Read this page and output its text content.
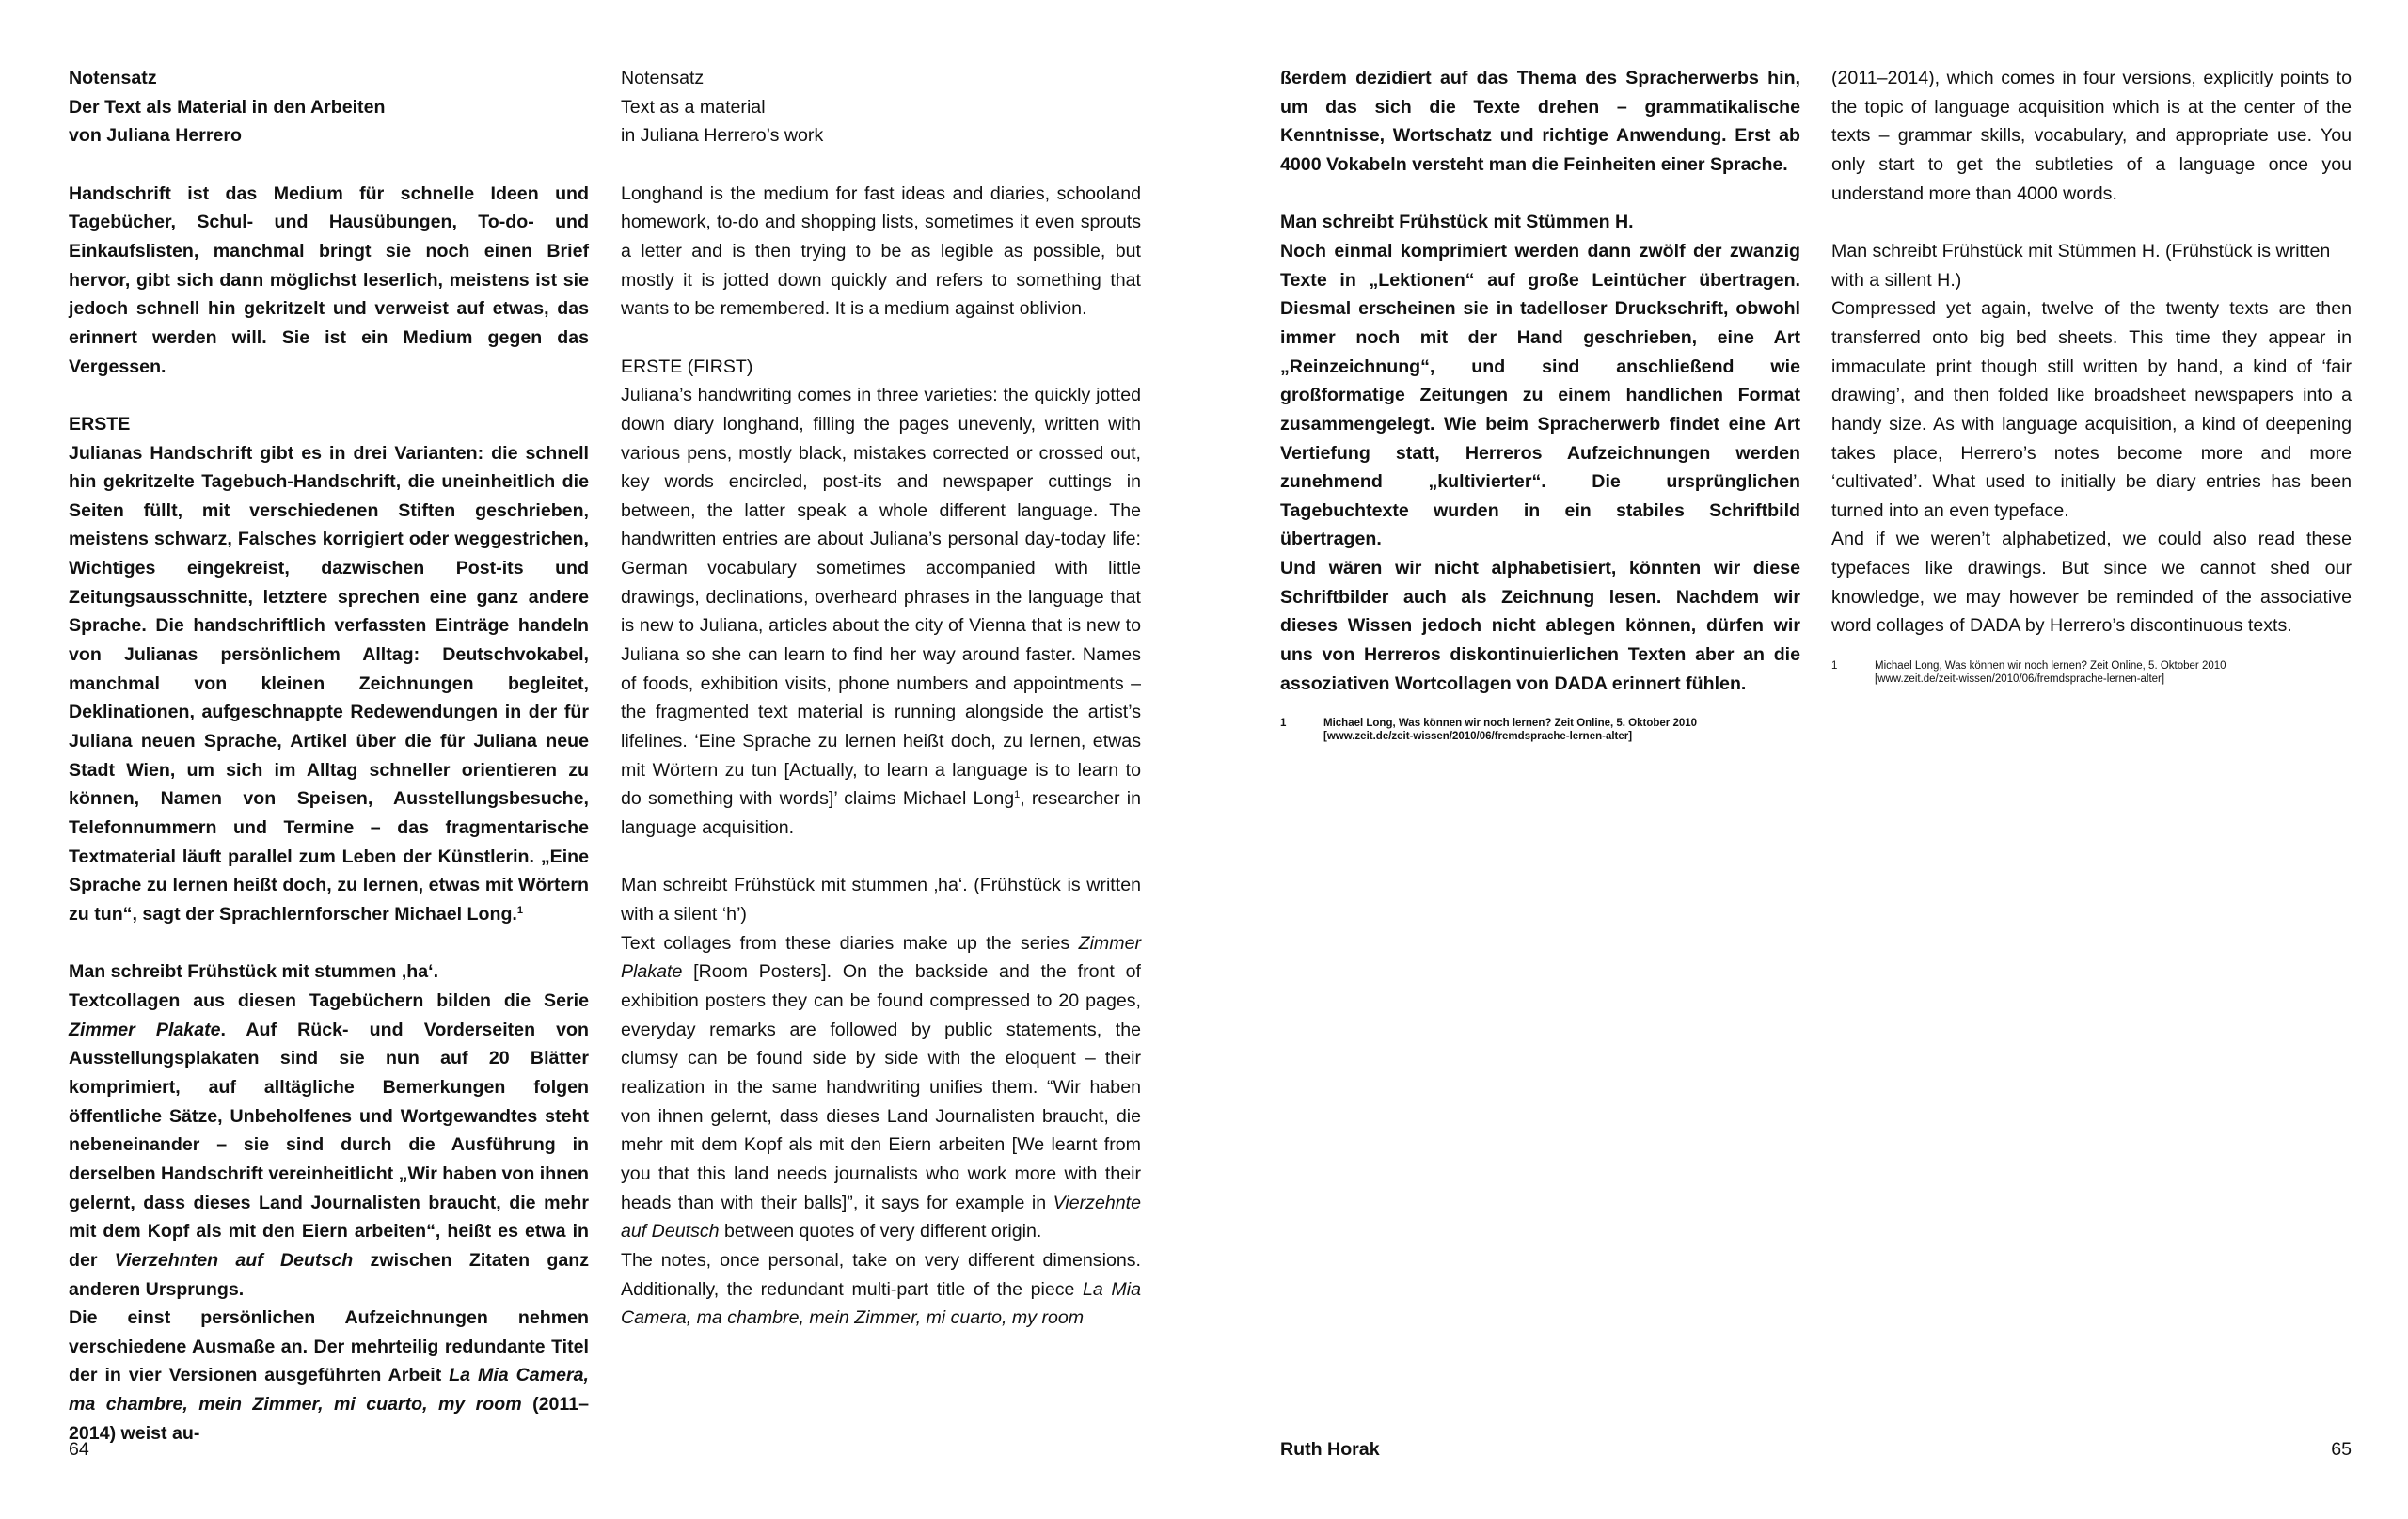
Notensatz

Der Text als Material in den Arbeiten

von Juliana Herrero

Handschrift ist das Medium für schnelle Ideen und Tagebücher, Schul- und Hausübungen, To-do- und Einkaufslisten, manchmal bringt sie noch einen Brief hervor, gibt sich dann möglichst leserlich, meistens ist sie jedoch schnell hin gekritzelt und verweist auf etwas, das erinnert werden will. Sie ist ein Medium gegen das Vergessen.

ERSTE

Julianas Handschrift gibt es in drei Varianten: die schnell hin gekritzelte Tagebuch-Handschrift, die uneinheitlich die Seiten füllt, mit verschiedenen Stiften geschrieben, meistens schwarz, Falsches korrigiert oder weggestrichen, Wichtiges eingekreist, dazwischen Post-its und Zeitungsausschnitte, letztere sprechen eine ganz andere Sprache. Die handschriftlich verfassten Einträge handeln von Julianas persönlichem Alltag: Deutschvokabel, manchmal von kleinen Zeichnungen begleitet, Deklinationen, aufgeschnappte Redewendungen in der für Juliana neuen Sprache, Artikel über die für Juliana neue Stadt Wien, um sich im Alltag schneller orientieren zu können, Namen von Speisen, Ausstellungsbesuche, Telefonnummern und Termine – das fragmentarische Textmaterial läuft parallel zum Leben der Künstlerin. „Eine Sprache zu lernen heißt doch, zu lernen, etwas mit Wörtern zu tun“, sagt der Sprachlernforscher Michael Long.$^1$

Man schreibt Frühstück mit stummen ‚ha‘.

Textcollagen aus diesen Tagebüchern bilden die Serie Zimmer Plakate. Auf Rück- und Vorderseiten von Ausstellungsplakaten sind sie nun auf 20 Blätter komprimiert, auf alltägliche Bemerkungen folgen öffentliche Sätze, Unbeholfenes und Wortgewandtes steht nebeneinander – sie sind durch die Ausführung in derselben Handschrift vereinheitlicht „Wir haben von ihnen gelernt, dass dieses Land Journalisten braucht, die mehr mit dem Kopf als mit den Eiern arbeiten“, heißt es etwa in der Vierzehnten auf Deutsch zwischen Zitaten ganz anderen Ursprungs.

Die einst persönlichen Aufzeichnungen nehmen verschiedene Ausmaße an. Der mehrteilig redundante Titel der in vier Versionen ausgeführten Arbeit La Mia Camera, ma chambre, mein Zimmer, mi cuarto, my room (2011–2014) weist au-

Notensatz

Text as a material

in Juliana Herrero’s work

Longhand is the medium for fast ideas and diaries, schooland homework, to-do and shopping lists, sometimes it even sprouts a letter and is then trying to be as legible as possible, but mostly it is jotted down quickly and refers to something that wants to be remembered. It is a medium against oblivion.

ERSTE (FIRST)

Juliana’s handwriting comes in three varieties: the quickly jotted down diary longhand, filling the pages unevenly, written with various pens, mostly black, mistakes corrected or crossed out, key words encircled, post-its and newspaper cuttings in between, the latter speak a whole different language. The handwritten entries are about Juliana’s personal day-today life: German vocabulary sometimes accompanied with little drawings, declinations, overheard phrases in the language that is new to Juliana, articles about the city of Vienna that is new to Juliana so she can learn to find her way around faster. Names of foods, exhibition visits, phone numbers and appointments – the fragmented text material is running alongside the artist’s lifelines. ‘Eine Sprache zu lernen heißt doch, zu lernen, etwas mit Wörtern zu tun [Actually, to learn a language is to learn to do something with words]’ claims Michael Long$^1$, researcher in language acquisition.

Man schreibt Frühstück mit stummen ‚ha‘. (Frühstück is written with a silent ‘h’)

Text collages from these diaries make up the series Zimmer Plakate [Room Posters]. On the backside and the front of exhibition posters they can be found compressed to 20 pages, everyday remarks are followed by public statements, the clumsy can be found side by side with the eloquent – their realization in the same handwriting unifies them. “Wir haben von ihnen gelernt, dass dieses Land Journalisten braucht, die mehr mit dem Kopf als mit den Eiern arbeiten [We learnt from you that this land needs journalists who work more with their heads than with their balls]”, it says for example in Vierzehnte auf Deutsch between quotes of very different origin.

The notes, once personal, take on very different dimensions. Additionally, the redundant multi-part title of the piece La Mia Camera, ma chambre, mein Zimmer, mi cuarto, my room

ßerdem dezidiert auf das Thema des Spracherwerbs hin, um das sich die Texte drehen – grammatikalische Kenntnisse, Wortschatz und richtige Anwendung. Erst ab 4000 Vokabeln versteht man die Feinheiten einer Sprache.

Man schreibt Frühstück mit Stümmen H.

Noch einmal komprimiert werden dann zwölf der zwanzig Texte in „Lektionen“ auf große Leintücher übertragen. Diesmal erscheinen sie in tadelloser Druckschrift, obwohl immer noch mit der Hand geschrieben, eine Art „Reinzeichnung“, und sind anschließend wie großformatige Zeitungen zu einem handlichen Format zusammengelegt. Wie beim Spracherwerb findet eine Art Vertiefung statt, Herreros Aufzeichnungen werden zunehmend „kultivierter“. Die ursprünglichen Tagebuchtexte wurden in ein stabiles Schriftbild übertragen.

Und wären wir nicht alphabetisiert, könnten wir diese Schriftbilder auch als Zeichnung lesen. Nachdem wir dieses Wissen jedoch nicht ablegen können, dürfen wir uns von Herreros diskontinuierlichen Texten aber an die assoziativen Wortcollagen von DADA erinnert fühlen.

1	Michael Long, Was können wir noch lernen? Zeit Online, 5. Oktober 2010
[www.zeit.de/zeit-wissen/2010/06/fremdsprache-lernen-alter]

(2011–2014), which comes in four versions, explicitly points to the topic of language acquisition which is at the center of the texts – grammar skills, vocabulary, and appropriate use. You only start to get the subtleties of a language once you understand more than 4000 words.

Man schreibt Frühstück mit Stümmen H. (Frühstück is written with a sillent H.)

Compressed yet again, twelve of the twenty texts are then transferred onto big bed sheets. This time they appear in immaculate print though still written by hand, a kind of ‘fair drawing’, and then folded like broadsheet newspapers into a handy size. As with language acquisition, a kind of deepening takes place, Herrero’s notes become more and more ‘cultivated’. What used to initially be diary entries has been turned into an even typeface.

And if we weren’t alphabetized, we could also read these typefaces like drawings. But since we cannot shed our knowledge, we may however be reminded of the associative word collages of DADA by Herrero’s discontinuous texts.

1	Michael Long, Was können wir noch lernen? Zeit Online, 5. Oktober 2010
[www.zeit.de/zeit-wissen/2010/06/fremdsprache-lernen-alter]
64	Ruth Horak	65
